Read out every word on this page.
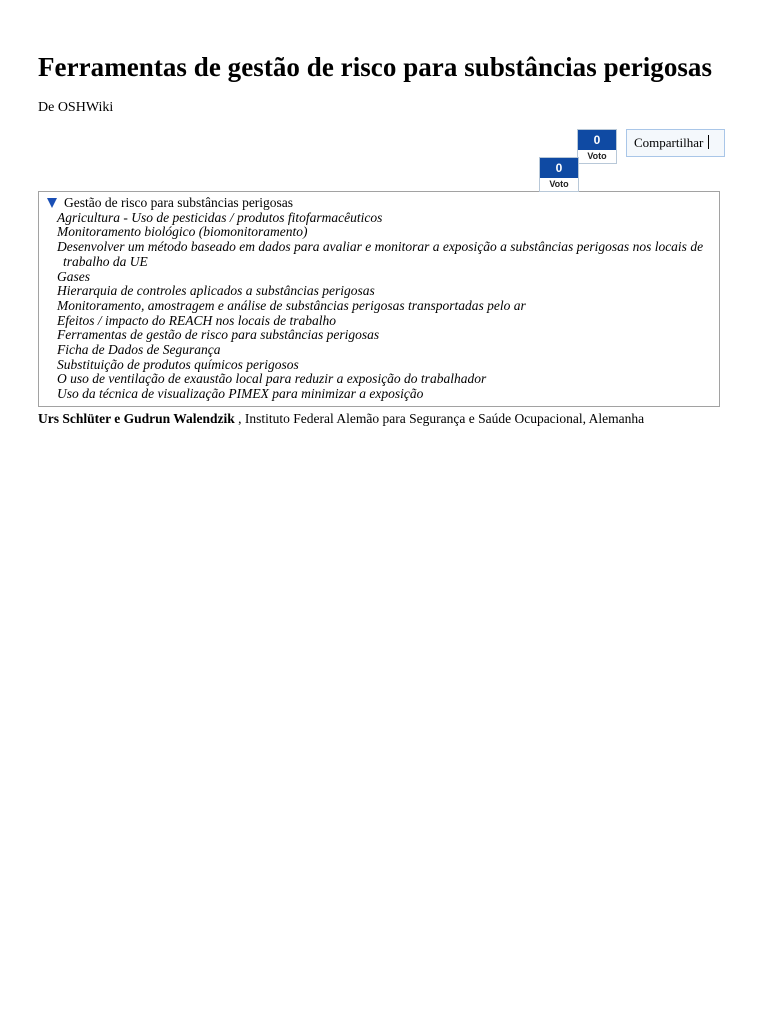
Ferramentas de gestão de risco para substâncias perigosas
De OSHWiki
0
Voto
0
Voto
Compartilhar
Gestão de risco para substâncias perigosas
Agricultura - Uso de pesticidas / produtos fitofarmacêuticos
Monitoramento biológico (biomonitoramento)
Desenvolver um método baseado em dados para avaliar e monitorar a exposição a substâncias perigosas nos locais de trabalho da UE
Gases
Hierarquia de controles aplicados a substâncias perigosas
Monitoramento, amostragem e análise de substâncias perigosas transportadas pelo ar
Efeitos / impacto do REACH nos locais de trabalho
Ferramentas de gestão de risco para substâncias perigosas
Ficha de Dados de Segurança
Substituição de produtos químicos perigosos
O uso de ventilação de exaustão local para reduzir a exposição do trabalhador
Uso da técnica de visualização PIMEX para minimizar a exposição
Urs Schlüter e Gudrun Walendzik , Instituto Federal Alemão para Segurança e Saúde Ocupacional, Alemanha
